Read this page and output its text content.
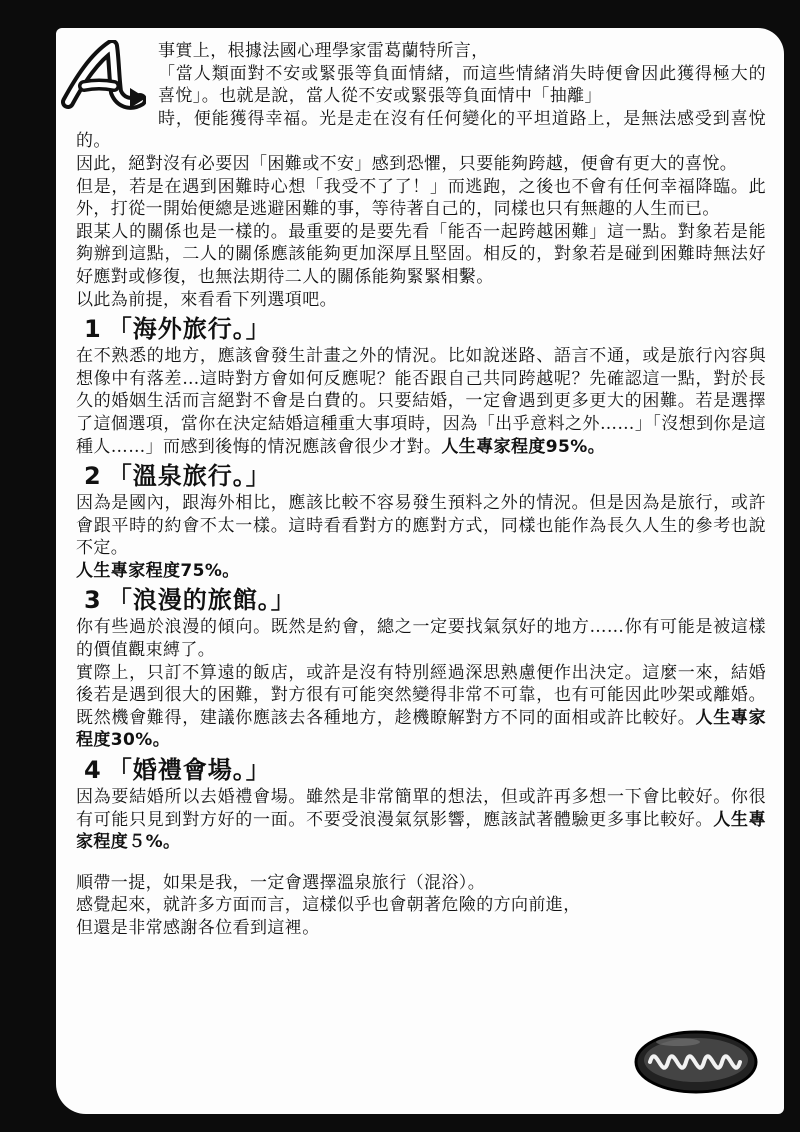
事實上，根據法國心理學家雷葛蘭特所言，

「當人類面對不安或緊張等負面情緒，而這些情緒消失時便會因此獲得極大的喜悅」。也就是說，當人從不安或緊張等負面情中「抽離」

時，便能獲得幸福。光是走在沒有任何變化的平坦道路上，是無法感受到喜悅的。

因此，絕對沒有必要因「困難或不安」感到恐懼，只要能夠跨越，便會有更大的喜悅。

但是，若是在遇到困難時心想「我受不了了！」而逃跑，之後也不會有任何幸福降臨。此外，打從一開始便總是逃避困難的事，等待著自己的，同樣也只有無趣的人生而已。

跟某人的關係也是一樣的。最重要的是要先看「能否一起跨越困難」這一點。對象若是能夠辦到這點，二人的關係應該能夠更加深厚且堅固。相反的，對象若是碰到困難時無法好好應對或修復，也無法期待二人的關係能夠緊緊相繫。

以此為前提，來看看下列選項吧。

1 「海外旅行。」

在不熟悉的地方，應該會發生計畫之外的情況。比如說迷路、語言不通，或是旅行內容與想像中有落差…這時對方會如何反應呢？能否跟自己共同跨越呢？先確認這一點，對於長久的婚姻生活而言絕對不會是白費的。只要結婚，一定會遇到更多更大的困難。若是選擇了這個選項，當你在決定結婚這種重大事項時，因為「出乎意料之外……」「沒想到你是這種人……」而感到後悔的情況應該會很少才對。人生專家程度95%。

2 「溫泉旅行。」

因為是國內，跟海外相比，應該比較不容易發生預料之外的情況。但是因為是旅行，或許會跟平時的約會不太一樣。這時看看對方的應對方式，同樣也能作為長久人生的參考也說不定。

人生專家程度75%。

3 「浪漫的旅館。」

你有些過於浪漫的傾向。既然是約會，總之一定要找氣氛好的地方……你有可能是被這樣的價值觀束縛了。

實際上，只訂不算遠的飯店，或許是沒有特別經過深思熟慮便作出決定。這麼一來，結婚後若是遇到很大的困難，對方很有可能突然變得非常不可靠，也有可能因此吵架或離婚。既然機會難得，建議你應該去各種地方，趁機瞭解對方不同的面相或許比較好。人生專家程度30%。

4 「婚禮會場。」

因為要結婚所以去婚禮會場。雖然是非常簡單的想法，但或許再多想一下會比較好。你很有可能只見到對方好的一面。不要受浪漫氣氛影響，應該試著體驗更多事比較好。人生專家程度５%。

順帶一提，如果是我，一定會選擇溫泉旅行（混浴）。

感覺起來，就許多方面而言，這樣似乎也會朝著危險的方向前進，

但還是非常感謝各位看到這裡。
